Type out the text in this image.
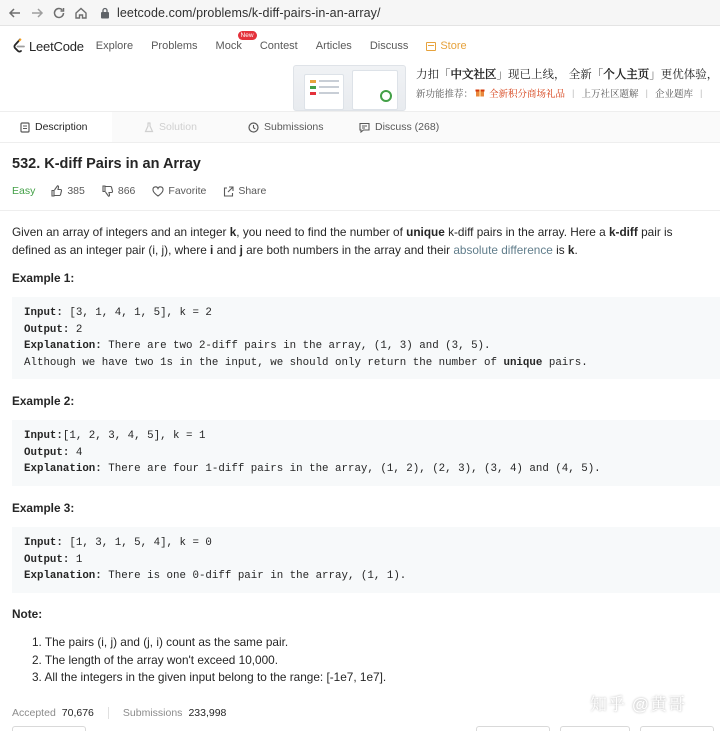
leetcode.com/problems/k-diff-pairs-in-an-array/
LeetCode Explore Problems Mock
New
Contest Articles Discuss	Store
力扣「中文社区」现已上线， 全新「个人主页」更优体验，
新功能推荐： 全新积分商场礼品 | 上万社区题解 | 企业题库 |
Description	Solution	Submissions	Discuss (268)
532. K-diff Pairs in an Array
Easy	385	866	Favorite	Share
Given an array of integers and an integer k, you need to find the number of unique k-diff pairs in the array. Here a k-diff pair is
defined as an integer pair (i, j), where i and j are both numbers in the array and their absolute difference is k.
Example 1:
Input: [3, 1, 4, 1, 5], k = 2
Output: 2
Explanation: There are two 2-diff pairs in the array, (1, 3) and (3, 5).
Although we have two 1s in the input, we should only return the number of unique pairs.
Example 2:
Input:[1, 2, 3, 4, 5], k = 1
Output: 4
Explanation: There are four 1-diff pairs in the array, (1, 2), (2, 3), (3, 4) and (4, 5).
Example 3:
Input: [1, 3, 1, 5, 4], k = 0
Output: 1
Explanation: There is one 0-diff pair in the array, (1, 1).
Note:
1. The pairs (i, j) and (j, i) count as the same pair.
2. The length of the array won't exceed 10,000.
3. All the integers in the given input belong to the range: [-1e7, 1e7].
Accepted 70,676	Submissions 233,998	知乎 @黄哥
